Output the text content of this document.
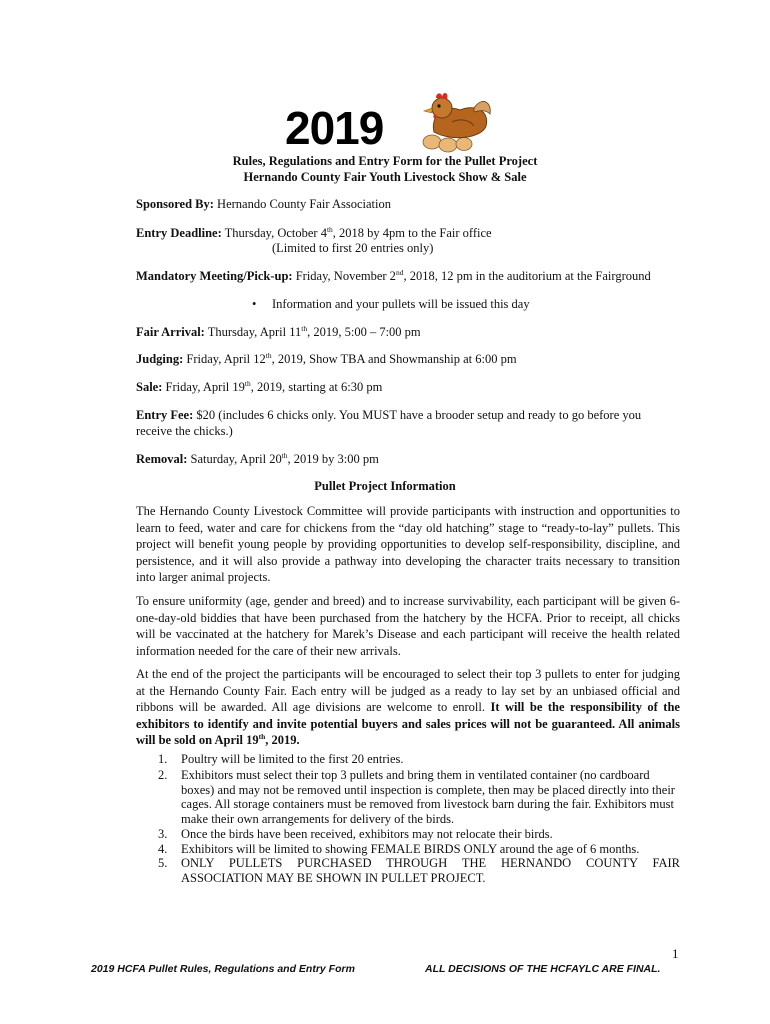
2019
Rules, Regulations and Entry Form for the Pullet Project
Hernando County Fair Youth Livestock Show & Sale
Sponsored By: Hernando County Fair Association
Entry Deadline: Thursday, October 4th, 2018 by 4pm to the Fair office
(Limited to first 20 entries only)
Mandatory Meeting/Pick-up: Friday, November 2nd, 2018, 12 pm in the auditorium at the Fairground
• Information and your pullets will be issued this day
Fair Arrival: Thursday, April 11th, 2019, 5:00 – 7:00 pm
Judging: Friday, April 12th, 2019, Show TBA and Showmanship at 6:00 pm
Sale: Friday, April 19th, 2019, starting at 6:30 pm
Entry Fee: $20 (includes 6 chicks only. You MUST have a brooder setup and ready to go before you
receive the chicks.)
Removal: Saturday, April 20th, 2019 by 3:00 pm
Pullet Project Information
The Hernando County Livestock Committee will provide participants with instruction and opportunities to learn to feed, water and care for chickens from the “day old hatching” stage to “ready-to-lay” pullets. This project will benefit young people by providing opportunities to develop self-responsibility, discipline, and persistence, and it will also provide a pathway into developing the character traits necessary to transition into larger animal projects.
To ensure uniformity (age, gender and breed) and to increase survivability, each participant will be given 6-one-day-old biddies that have been purchased from the hatchery by the HCFA. Prior to receipt, all chicks will be vaccinated at the hatchery for Marek’s Disease and each participant will receive the health related information needed for the care of their new arrivals.
At the end of the project the participants will be encouraged to select their top 3 pullets to enter for judging at the Hernando County Fair. Each entry will be judged as a ready to lay set by an unbiased official and ribbons will be awarded. All age divisions are welcome to enroll. It will be the responsibility of the exhibitors to identify and invite potential buyers and sales prices will not be guaranteed. All animals will be sold on April 19th, 2019.
1. Poultry will be limited to the first 20 entries.
2. Exhibitors must select their top 3 pullets and bring them in ventilated container (no cardboard boxes) and may not be removed until inspection is complete, then may be placed directly into their cages. All storage containers must be removed from livestock barn during the fair. Exhibitors must make their own arrangements for delivery of the birds.
3. Once the birds have been received, exhibitors may not relocate their birds.
4. Exhibitors will be limited to showing FEMALE BIRDS ONLY around the age of 6 months.
5. ONLY PULLETS PURCHASED THROUGH THE HERNANDO COUNTY FAIR ASSOCIATION MAY BE SHOWN IN PULLET PROJECT.
1
2019 HCFA Pullet Rules, Regulations and Entry Form	ALL DECISIONS OF THE HCFAYLC ARE FINAL.
